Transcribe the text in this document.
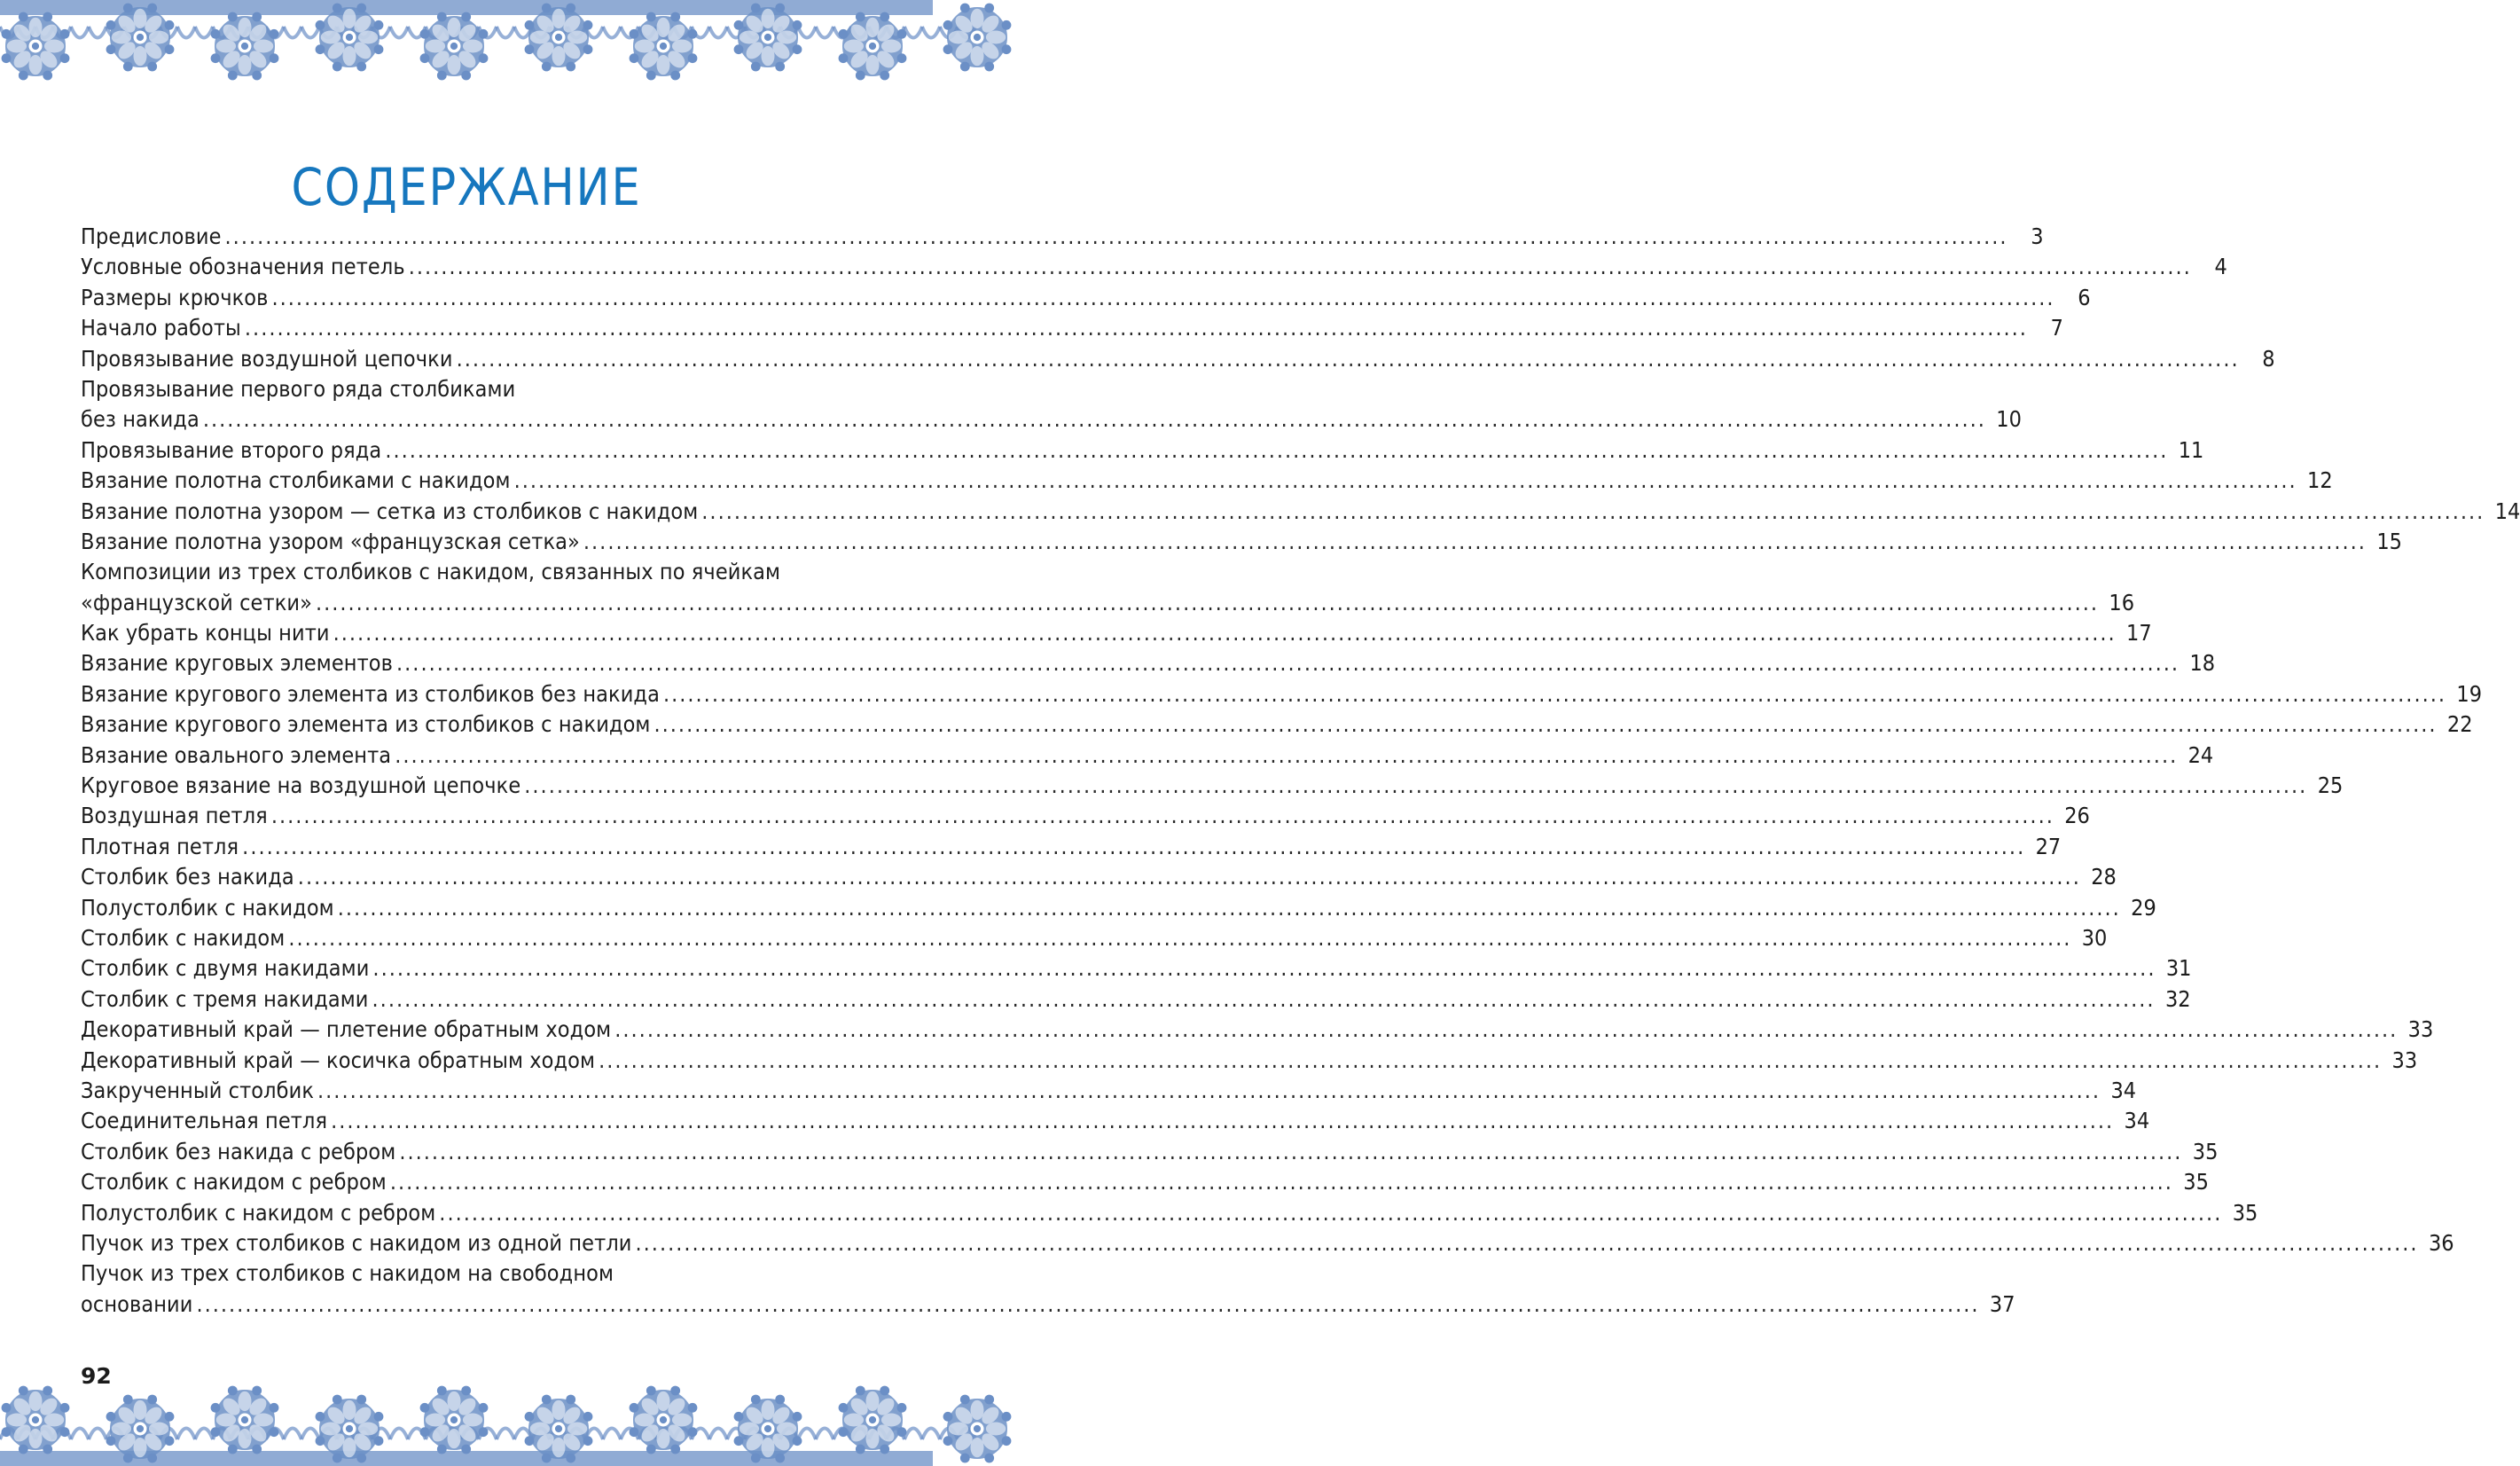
СОДЕРЖАНИЕ
Предисловие ............................................................................................................................................................................................................................	3
Условные обозначения петель ............................................................................................................................................................................................................................	4
Размеры крючков ............................................................................................................................................................................................................................	6
Начало работы ............................................................................................................................................................................................................................	7
Провязывание воздушной цепочки ............................................................................................................................................................................................................................	8
Провязывание первого ряда столбиками
без накида ............................................................................................................................................................................................................................ 10
Провязывание второго ряда ............................................................................................................................................................................................................................ 11
Вязание полотна столбиками с накидом ............................................................................................................................................................................................................................ 12
Вязание полотна узором — сетка из столбиков с накидом ............................................................................................................................................................................................................................ 14
Вязание полотна узором «французская сетка» ............................................................................................................................................................................................................................ 15
Композиции из трех столбиков с накидом, связанных по ячейкам
«французской сетки» ............................................................................................................................................................................................................................ 16
Как убрать концы нити ............................................................................................................................................................................................................................ 17
Вязание круговых элементов ............................................................................................................................................................................................................................ 18
Вязание кругового элемента из столбиков без накида ............................................................................................................................................................................................................................ 19
Вязание кругового элемента из столбиков с накидом ............................................................................................................................................................................................................................ 22
Вязание овального элемента ............................................................................................................................................................................................................................ 24
Круговое вязание на воздушной цепочке ............................................................................................................................................................................................................................ 25
Воздушная петля ............................................................................................................................................................................................................................ 26
Плотная петля ............................................................................................................................................................................................................................ 27
Столбик без накида ............................................................................................................................................................................................................................ 28
Полустолбик с накидом ............................................................................................................................................................................................................................ 29
Столбик с накидом ............................................................................................................................................................................................................................ 30
Столбик с двумя накидами ............................................................................................................................................................................................................................ 31
Столбик с тремя накидами ............................................................................................................................................................................................................................ 32
Декоративный край — плетение обратным ходом ............................................................................................................................................................................................................................ 33
Декоративный край — косичка обратным ходом ............................................................................................................................................................................................................................ 33
Закрученный столбик ............................................................................................................................................................................................................................ 34
Соединительная петля ............................................................................................................................................................................................................................ 34
Столбик без накида с ребром ............................................................................................................................................................................................................................ 35
Столбик с накидом с ребром ............................................................................................................................................................................................................................ 35
Полустолбик с накидом с ребром ............................................................................................................................................................................................................................ 35
Пучок из трех столбиков с накидом из одной петли ............................................................................................................................................................................................................................ 36
Пучок из трех столбиков с накидом на свободном
основании ............................................................................................................................................................................................................................ 37
92
